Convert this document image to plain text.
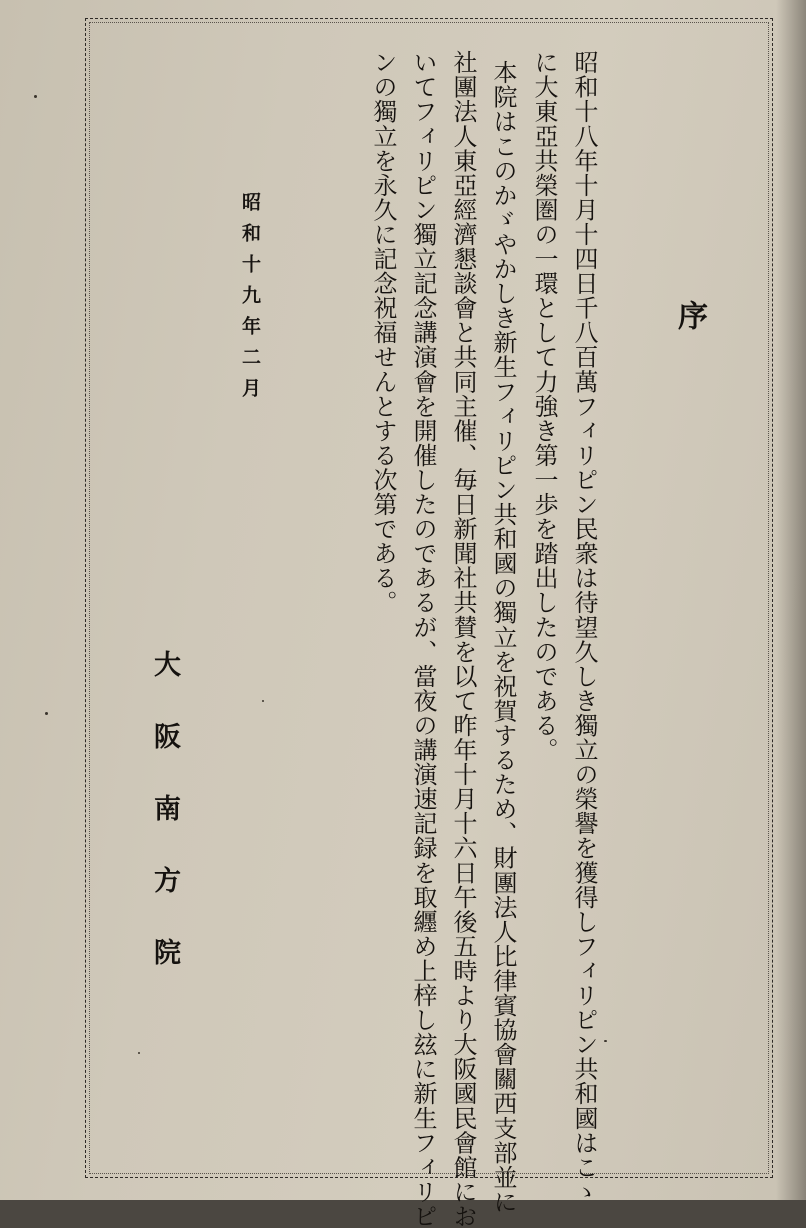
序
昭和十八年十月十四日千八百萬フィリピン民衆は待望久しき獨立の榮譽を獲得しフィリピン共和國はこゝ
に大東亞共榮圏の一環として力強き第一歩を踏出したのである。
本院はこのかゞやかしき新生フィリピン共和國の獨立を祝賀するため、財團法人比律賓協會關西支部並に
社團法人東亞經濟懇談會と共同主催、毎日新聞社共賛を以て昨年十月十六日午後五時より大阪國民會館にお
いてフィリピン獨立記念講演會を開催したのであるが、當夜の講演速記録を取纒め上梓し玆に新生フィリピ
ンの獨立を永久に記念祝福せんとする次第である。
昭和十九年二月
大阪南方院
